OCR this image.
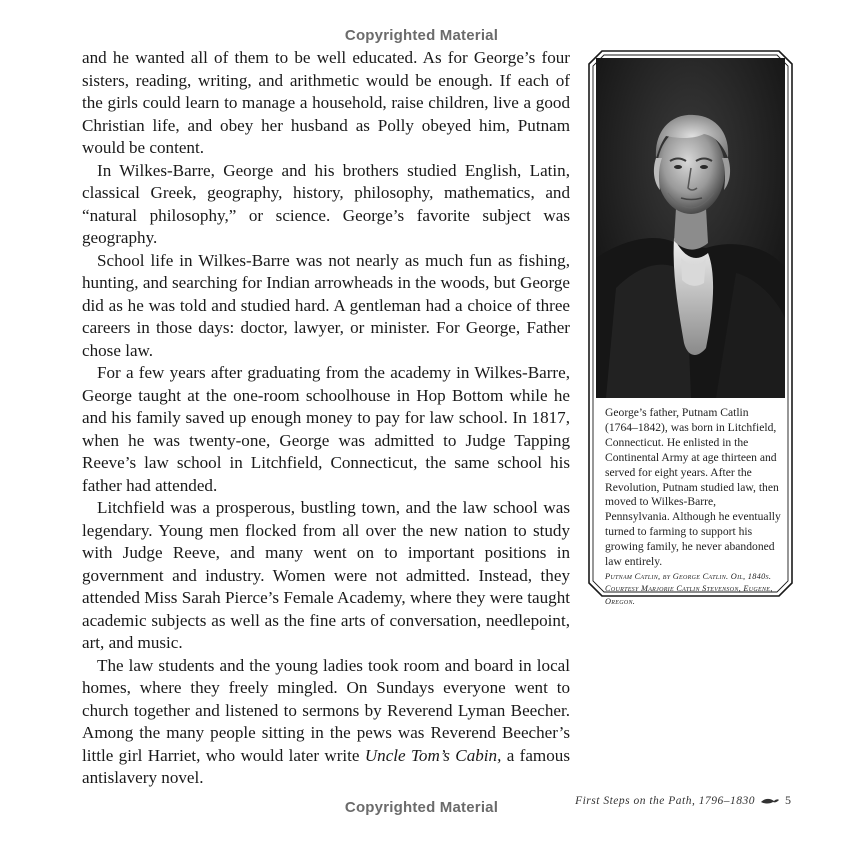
Copyrighted Material

and he wanted all of them to be well educated. As for George’s four sisters, reading, writing, and arithmetic would be enough. If each of the girls could learn to manage a household, raise children, live a good Christian life, and obey her husband as Polly obeyed him, Putnam would be content.

In Wilkes-Barre, George and his brothers studied English, Latin, classical Greek, geography, history, philosophy, mathematics, and “natural philosophy,” or science. George’s favorite subject was geography.

School life in Wilkes-Barre was not nearly as much fun as fishing, hunting, and searching for Indian arrowheads in the woods, but George did as he was told and studied hard. A gentleman had a choice of three careers in those days: doctor, lawyer, or minister. For George, Father chose law.

For a few years after graduating from the academy in Wilkes-Barre, George taught at the one-room schoolhouse in Hop Bottom while he and his family saved up enough money to pay for law school. In 1817, when he was twenty-one, George was admitted to Judge Tapping Reeve’s law school in Litchfield, Connecticut, the same school his father had attended.

Litchfield was a prosperous, bustling town, and the law school was legendary. Young men flocked from all over the new nation to study with Judge Reeve, and many went on to important positions in government and industry. Women were not admitted. Instead, they attended Miss Sarah Pierce’s Female Academy, where they were taught academic subjects as well as the fine arts of conversation, needlepoint, art, and music.

The law students and the young ladies took room and board in local homes, where they freely mingled. On Sundays everyone went to church together and listened to sermons by Reverend Lyman Beecher. Among the many people sitting in the pews was Reverend Beecher’s little girl Harriet, who would later write Uncle Tom’s Cabin, a famous antislavery novel.

George’s father, Putnam Catlin (1764–1842), was born in Litchfield, Connecticut. He enlisted in the Continental Army at age thirteen and served for eight years. After the Revolution, Putnam studied law, then moved to Wilkes-Barre, Pennsylvania. Although he eventually turned to farming to support his growing family, he never abandoned law entirely.
Putnam Catlin, by George Catlin. Oil, 1840s. Courtesy Marjorie Catlin Stevenson, Eugene, Oregon.
First Steps on the Path, 1796–1830	5
Copyrighted Material
